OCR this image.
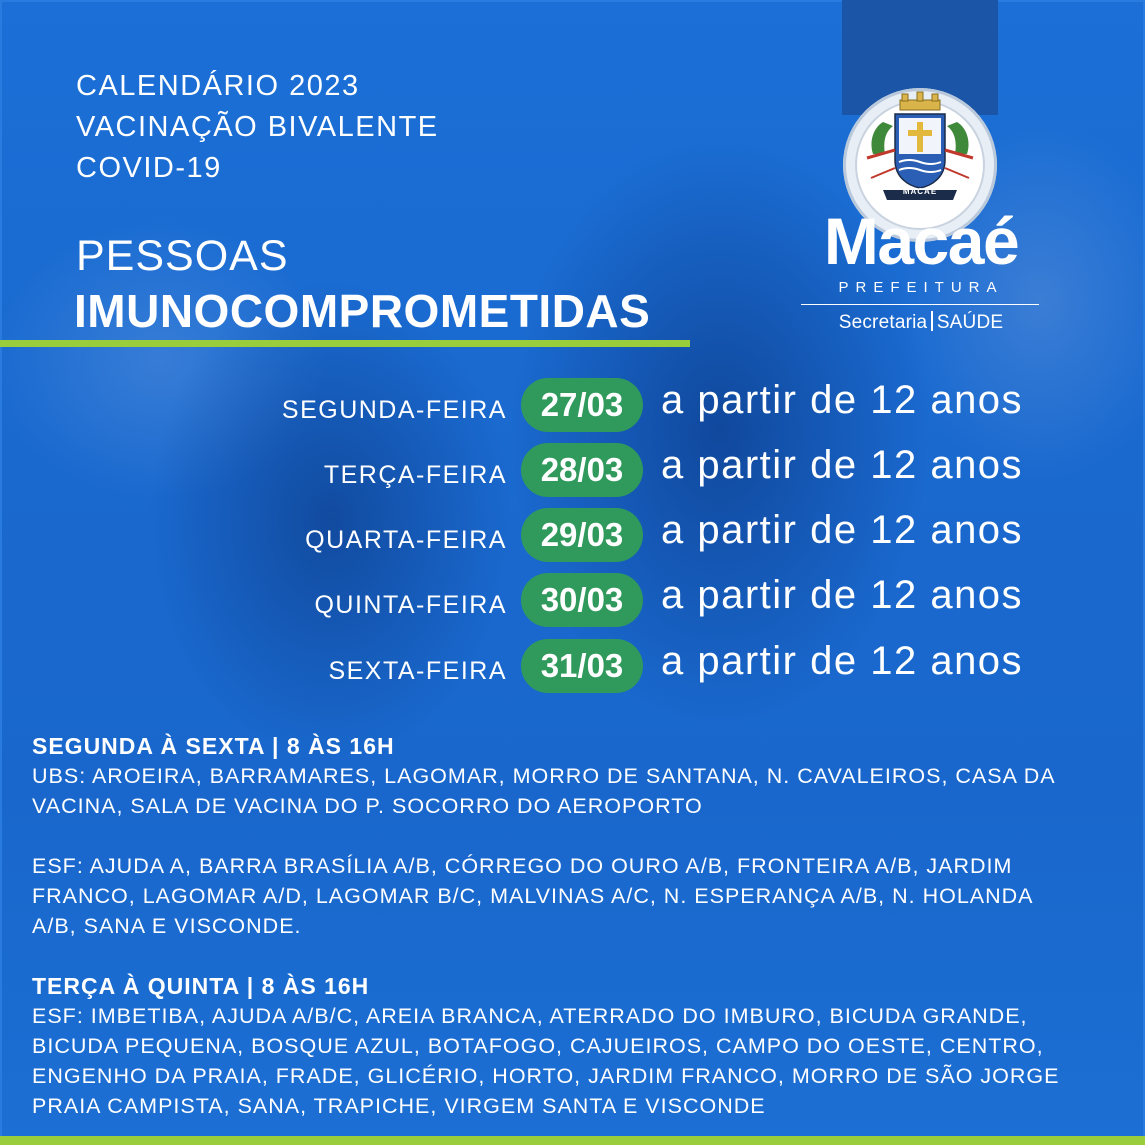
CALENDÁRIO 2023
VACINAÇÃO BIVALENTE
COVID-19
PESSOAS
IMUNOCOMPROMETIDAS
MACAÉ
Macaé
PREFEITURA
Secretaria SAÚDE
SEGUNDA-FEIRA	27/03 a partir de 12 anos
TERÇA-FEIRA	28/03 a partir de 12 anos
QUARTA-FEIRA	29/03 a partir de 12 anos
QUINTA-FEIRA	30/03 a partir de 12 anos
SEXTA-FEIRA	31/03 a partir de 12 anos
SEGUNDA À SEXTA | 8 ÀS 16H
UBS: AROEIRA, BARRAMARES, LAGOMAR, MORRO DE SANTANA, N. CAVALEIROS, CASA DA
VACINA, SALA DE VACINA DO P. SOCORRO DO AEROPORTO
ESF: AJUDA A, BARRA BRASÍLIA A/B, CÓRREGO DO OURO A/B, FRONTEIRA A/B, JARDIM
FRANCO, LAGOMAR A/D, LAGOMAR B/C, MALVINAS A/C, N. ESPERANÇA A/B, N. HOLANDA
A/B, SANA E VISCONDE.
TERÇA À QUINTA | 8 ÀS 16H
ESF: IMBETIBA, AJUDA A/B/C, AREIA BRANCA, ATERRADO DO IMBURO, BICUDA GRANDE,
BICUDA PEQUENA, BOSQUE AZUL, BOTAFOGO, CAJUEIROS, CAMPO DO OESTE, CENTRO,
ENGENHO DA PRAIA, FRADE, GLICÉRIO, HORTO, JARDIM FRANCO, MORRO DE SÃO JORGE
PRAIA CAMPISTA, SANA, TRAPICHE, VIRGEM SANTA E VISCONDE
